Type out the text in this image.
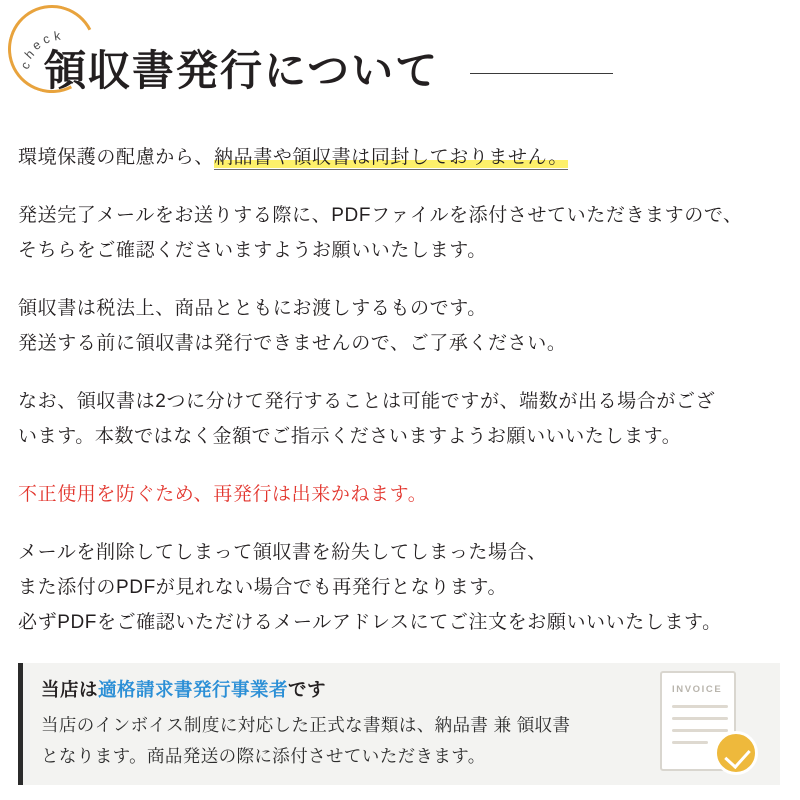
c
h
e
c k
領収書発行について

環境保護の配慮から、納品書や領収書は同封しておりません。

発送完了メールをお送りする際に、PDFファイルを添付させていただきますので、
そちらをご確認くださいますようお願いいたします。

領収書は税法上、商品とともにお渡しするものです。
発送する前に領収書は発行できませんので、ご了承ください。

なお、領収書は2つに分けて発行することは可能ですが、端数が出る場合がござ
います。本数ではなく金額でご指示くださいますようお願いいいたします。

不正使用を防ぐため、再発行は出来かねます。

メールを削除してしまって領収書を紛失してしまった場合、
また添付のPDFが見れない場合でも再発行となります。
必ずPDFをご確認いただけるメールアドレスにてご注文をお願いいいたします。

当店は適格請求書発行事業者です

当店のインボイス制度に対応した正式な書類は、納品書 兼 領収書
となります。商品発送の際に添付させていただきます。

INVOICE
